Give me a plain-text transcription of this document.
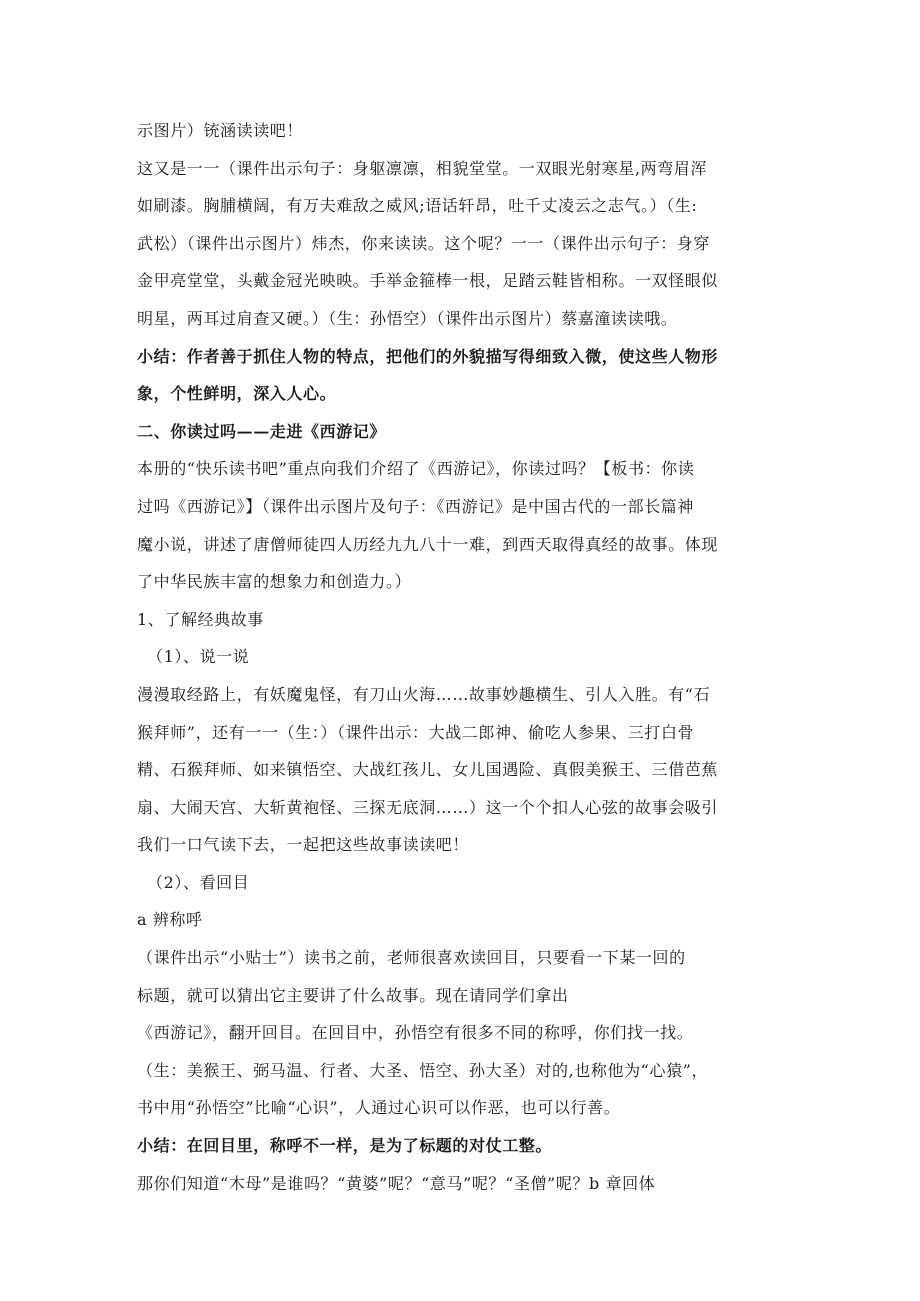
示图片）铳涵读读吧！
这又是一一（课件出示句子：身躯凛凛，相貌堂堂。一双眼光射寒星,两弯眉浑
如刷漆。胸脯横阔，有万夫难敌之威风;语话轩昂，吐千丈凌云之志气。）（生:
武松）（课件出示图片）炜杰，你来读读。这个呢？一一（课件出示句子：身穿
金甲亮堂堂，头戴金冠光映映。手举金箍棒一根，足踏云鞋皆相称。一双怪眼似
明星，两耳过肩查又硬。）（生：孙悟空）（课件出示图片）蔡嘉潼读读哦。
小结：作者善于抓住人物的特点，把他们的外貌描写得细致入微，使这些人物形
象，个性鲜明，深入人心。
二、你读过吗——走进《西游记》
本册的“快乐读书吧”重点向我们介绍了《西游记》，你读过吗？【板书：你读
过吗《西游记》】（课件出示图片及句子：《西游记》是中国古代的一部长篇神
魔小说，讲述了唐僧师徒四人历经九九八十一难，到西天取得真经的故事。体现
了中华民族丰富的想象力和创造力。）
1、了解经典故事
（1）、说一说
漫漫取经路上，有妖魔鬼怪，有刀山火海……故事妙趣横生、引人入胜。有“石
猴拜师”，还有一一（生：）（课件出示：大战二郎神、偷吃人参果、三打白骨
精、石猴拜师、如来镇悟空、大战红孩儿、女儿国遇险、真假美猴王、三借芭蕉
扇、大闹天宫、大斩黄袍怪、三探无底洞……）这一个个扣人心弦的故事会吸引
我们一口气读下去，一起把这些故事读读吧！
（2）、看回目
a 辨称呼
（课件出示“小贴士”）读书之前，老师很喜欢读回目，只要看一下某一回的
标题，就可以猜出它主要讲了什么故事。现在请同学们拿出
《西游记》，翻开回目。在回目中，孙悟空有很多不同的称呼，你们找一找。
（生：美猴王、弼马温、行者、大圣、悟空、孙大圣）对的,也称他为“心猿”，
书中用“孙悟空”比喻“心识”，人通过心识可以作恶，也可以行善。
小结：在回目里，称呼不一样，是为了标题的对仗工整。
那你们知道“木母”是谁吗？“黄婆”呢？“意马”呢？“圣僧”呢？b 章回体
